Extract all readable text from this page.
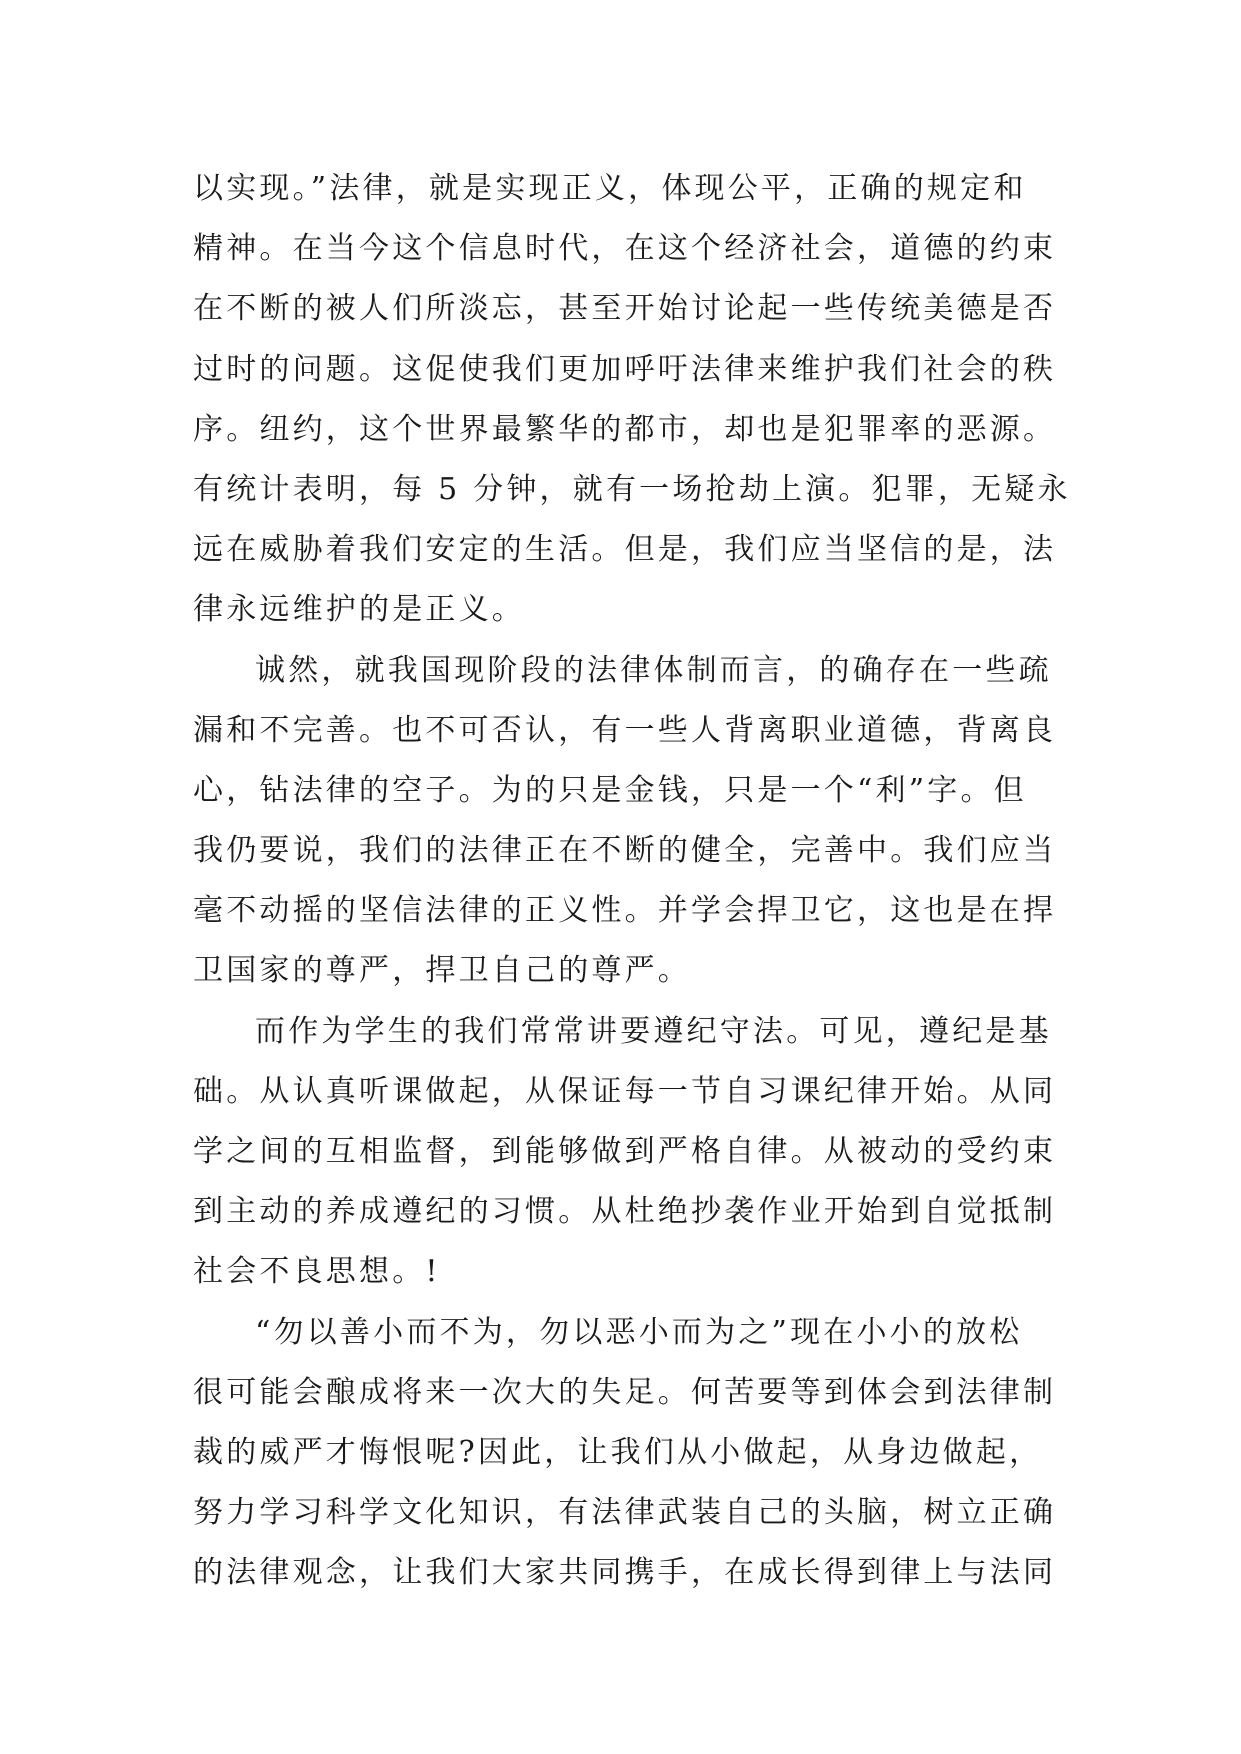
以实现。”法律，就是实现正义，体现公平，正确的规定和
精神。在当今这个信息时代，在这个经济社会，道德的约束
在不断的被人们所淡忘，甚至开始讨论起一些传统美德是否
过时的问题。这促使我们更加呼吁法律来维护我们社会的秩
序。纽约，这个世界最繁华的都市，却也是犯罪率的恶源。
有统计表明，每 5 分钟，就有一场抢劫上演。犯罪，无疑永
远在威胁着我们安定的生活。但是，我们应当坚信的是，法
律永远维护的是正义。
诚然，就我国现阶段的法律体制而言，的确存在一些疏
漏和不完善。也不可否认，有一些人背离职业道德，背离良
心，钻法律的空子。为的只是金钱，只是一个“利”字。但
我仍要说，我们的法律正在不断的健全，完善中。我们应当
毫不动摇的坚信法律的正义性。并学会捍卫它，这也是在捍
卫国家的尊严，捍卫自己的尊严。
而作为学生的我们常常讲要遵纪守法。可见，遵纪是基
础。从认真听课做起，从保证每一节自习课纪律开始。从同
学之间的互相监督，到能够做到严格自律。从被动的受约束
到主动的养成遵纪的习惯。从杜绝抄袭作业开始到自觉抵制
社会不良思想。!
“勿以善小而不为，勿以恶小而为之”现在小小的放松
很可能会酿成将来一次大的失足。何苦要等到体会到法律制
裁的威严才悔恨呢?因此，让我们从小做起，从身边做起，
努力学习科学文化知识，有法律武装自己的头脑，树立正确
的法律观念，让我们大家共同携手，在成长得到律上与法同
